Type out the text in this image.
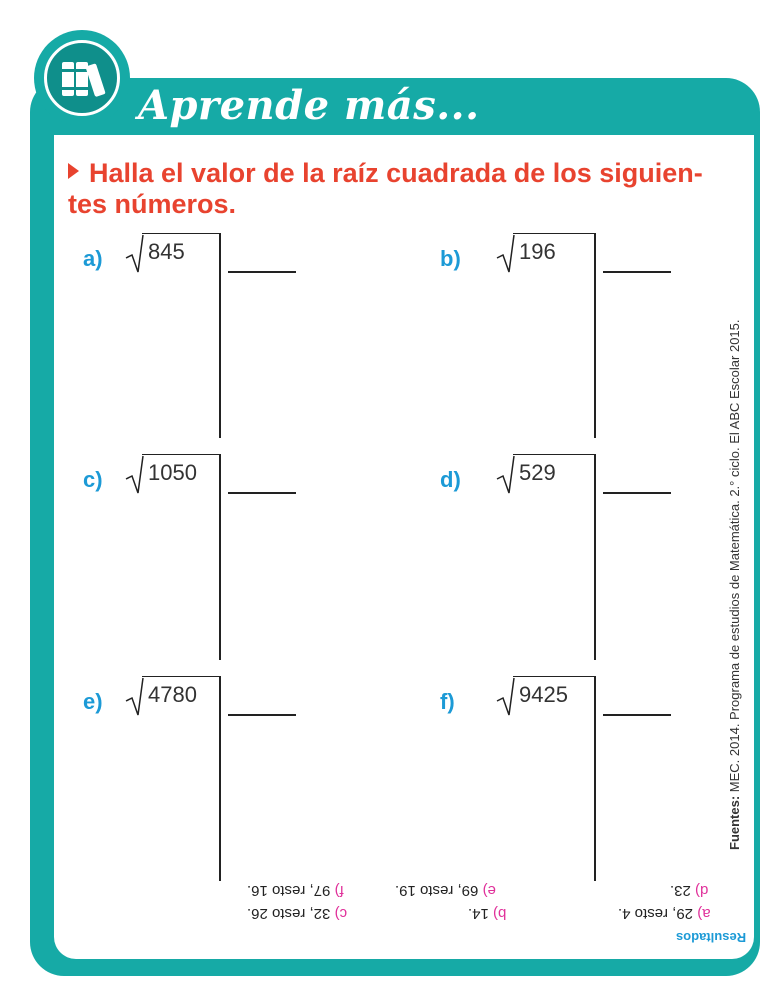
Aprende más...
Halla el valor de la raíz cuadrada de los siguien- tes números.
a) 845	b)	196
c) 1050	d)	529
e) 4780	f)	9425
Fuentes: MEC. 2014. Programa de estudios de Matemática. 2.° ciclo. El ABC Escolar 2015.
Resultados
a) 29, resto 4.
d) 23.
b) 14.
e) 69, resto 19.
c) 32, resto 26.
f) 97, resto 16.
